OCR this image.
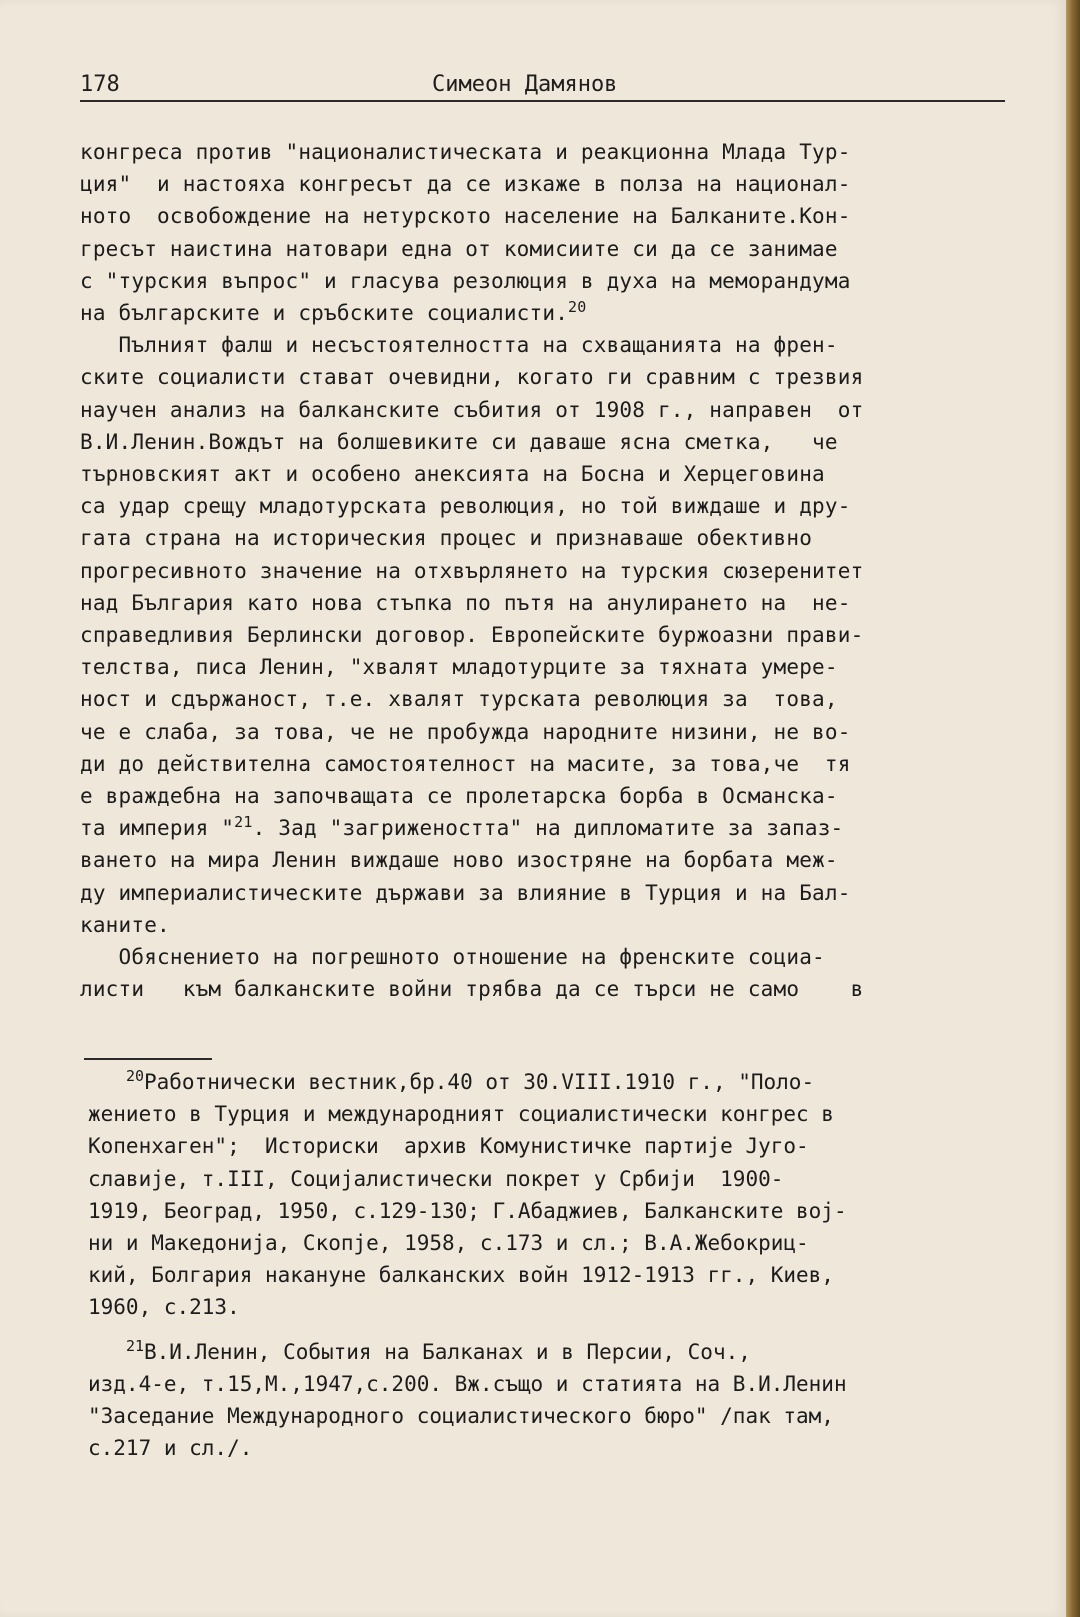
178	Симеон Дамянов
конгреса против "националистическата и реакционна Млада Тур-
ция"  и настояха конгресът да се изкаже в полза на национал-
ното  освобождение на нетурското население на Балканите.Кон-
гресът наистина натовари една от комисиите си да се занимае
с "турския въпрос" и гласува резолюция в духа на меморандума
на българските и сръбските социалисти.$^{20}$
Пълният фалш и несъстоятелността на схващанията на френ-
ските социалисти стават очевидни, когато ги сравним с трезвия
научен анализ на балканските събития от 1908 г., направен  от
В.И.Ленин.Вождът на болшевиките си даваше ясна сметка,   че
търновският акт и особено анексията на Босна и Херцеговина
са удар срещу младотурската революция, но той виждаше и дру-
гата страна на историческия процес и признаваше обективно
прогресивното значение на отхвърлянето на турския сюзеренитет
над България като нова стъпка по пътя на анулирането на  не-
справедливия Берлински договор. Европейските буржоазни прави-
телства, писа Ленин, "хвалят младотурците за тяхната умере-
ност и сдържаност, т.е. хвалят турската революция за  това,
че е слаба, за това, че не пробужда народните низини, не во-
ди до действителна самостоятелност на масите, за това,че  тя
е враждебна на започващата се пролетарска борба в Османска-
та империя "$^{21}$. Зад "загрижеността" на дипломатите за запаз-
ването на мира Ленин виждаше ново изостряне на борбата меж-
ду империалистическите държави за влияние в Турция и на Бал-
каните.
Обяснението на погрешното отношение на френските социа-
листи   към балканските войни трябва да се търси не само    в
$^{20}$Работнически вестник,бр.40 от 30.VIII.1910 г., "Поло-
жението в Турция и международният социалистически конгрес в
Копенхаген";  Историски  архив Комунистичке партиjе Jуго-
славиjе, т.III, Социjалистически покрет у Србиjи  1900-
1919, Београд, 1950, с.129-130; Г.Абаджиев, Балканските воj-
ни и Македониjа, Скопjе, 1958, с.173 и сл.; В.А.Жебокриц-
кий, Болгария накануне балканских войн 1912-1913 гг., Киев,
1960, с.213.
$^{21}$В.И.Ленин, События на Балканах и в Персии, Соч.,
изд.4-е, т.15,М.,1947,с.200. Вж.също и статията на В.И.Ленин
"Заседание Международного социалистического бюро" /пак там,
с.217 и сл./.
